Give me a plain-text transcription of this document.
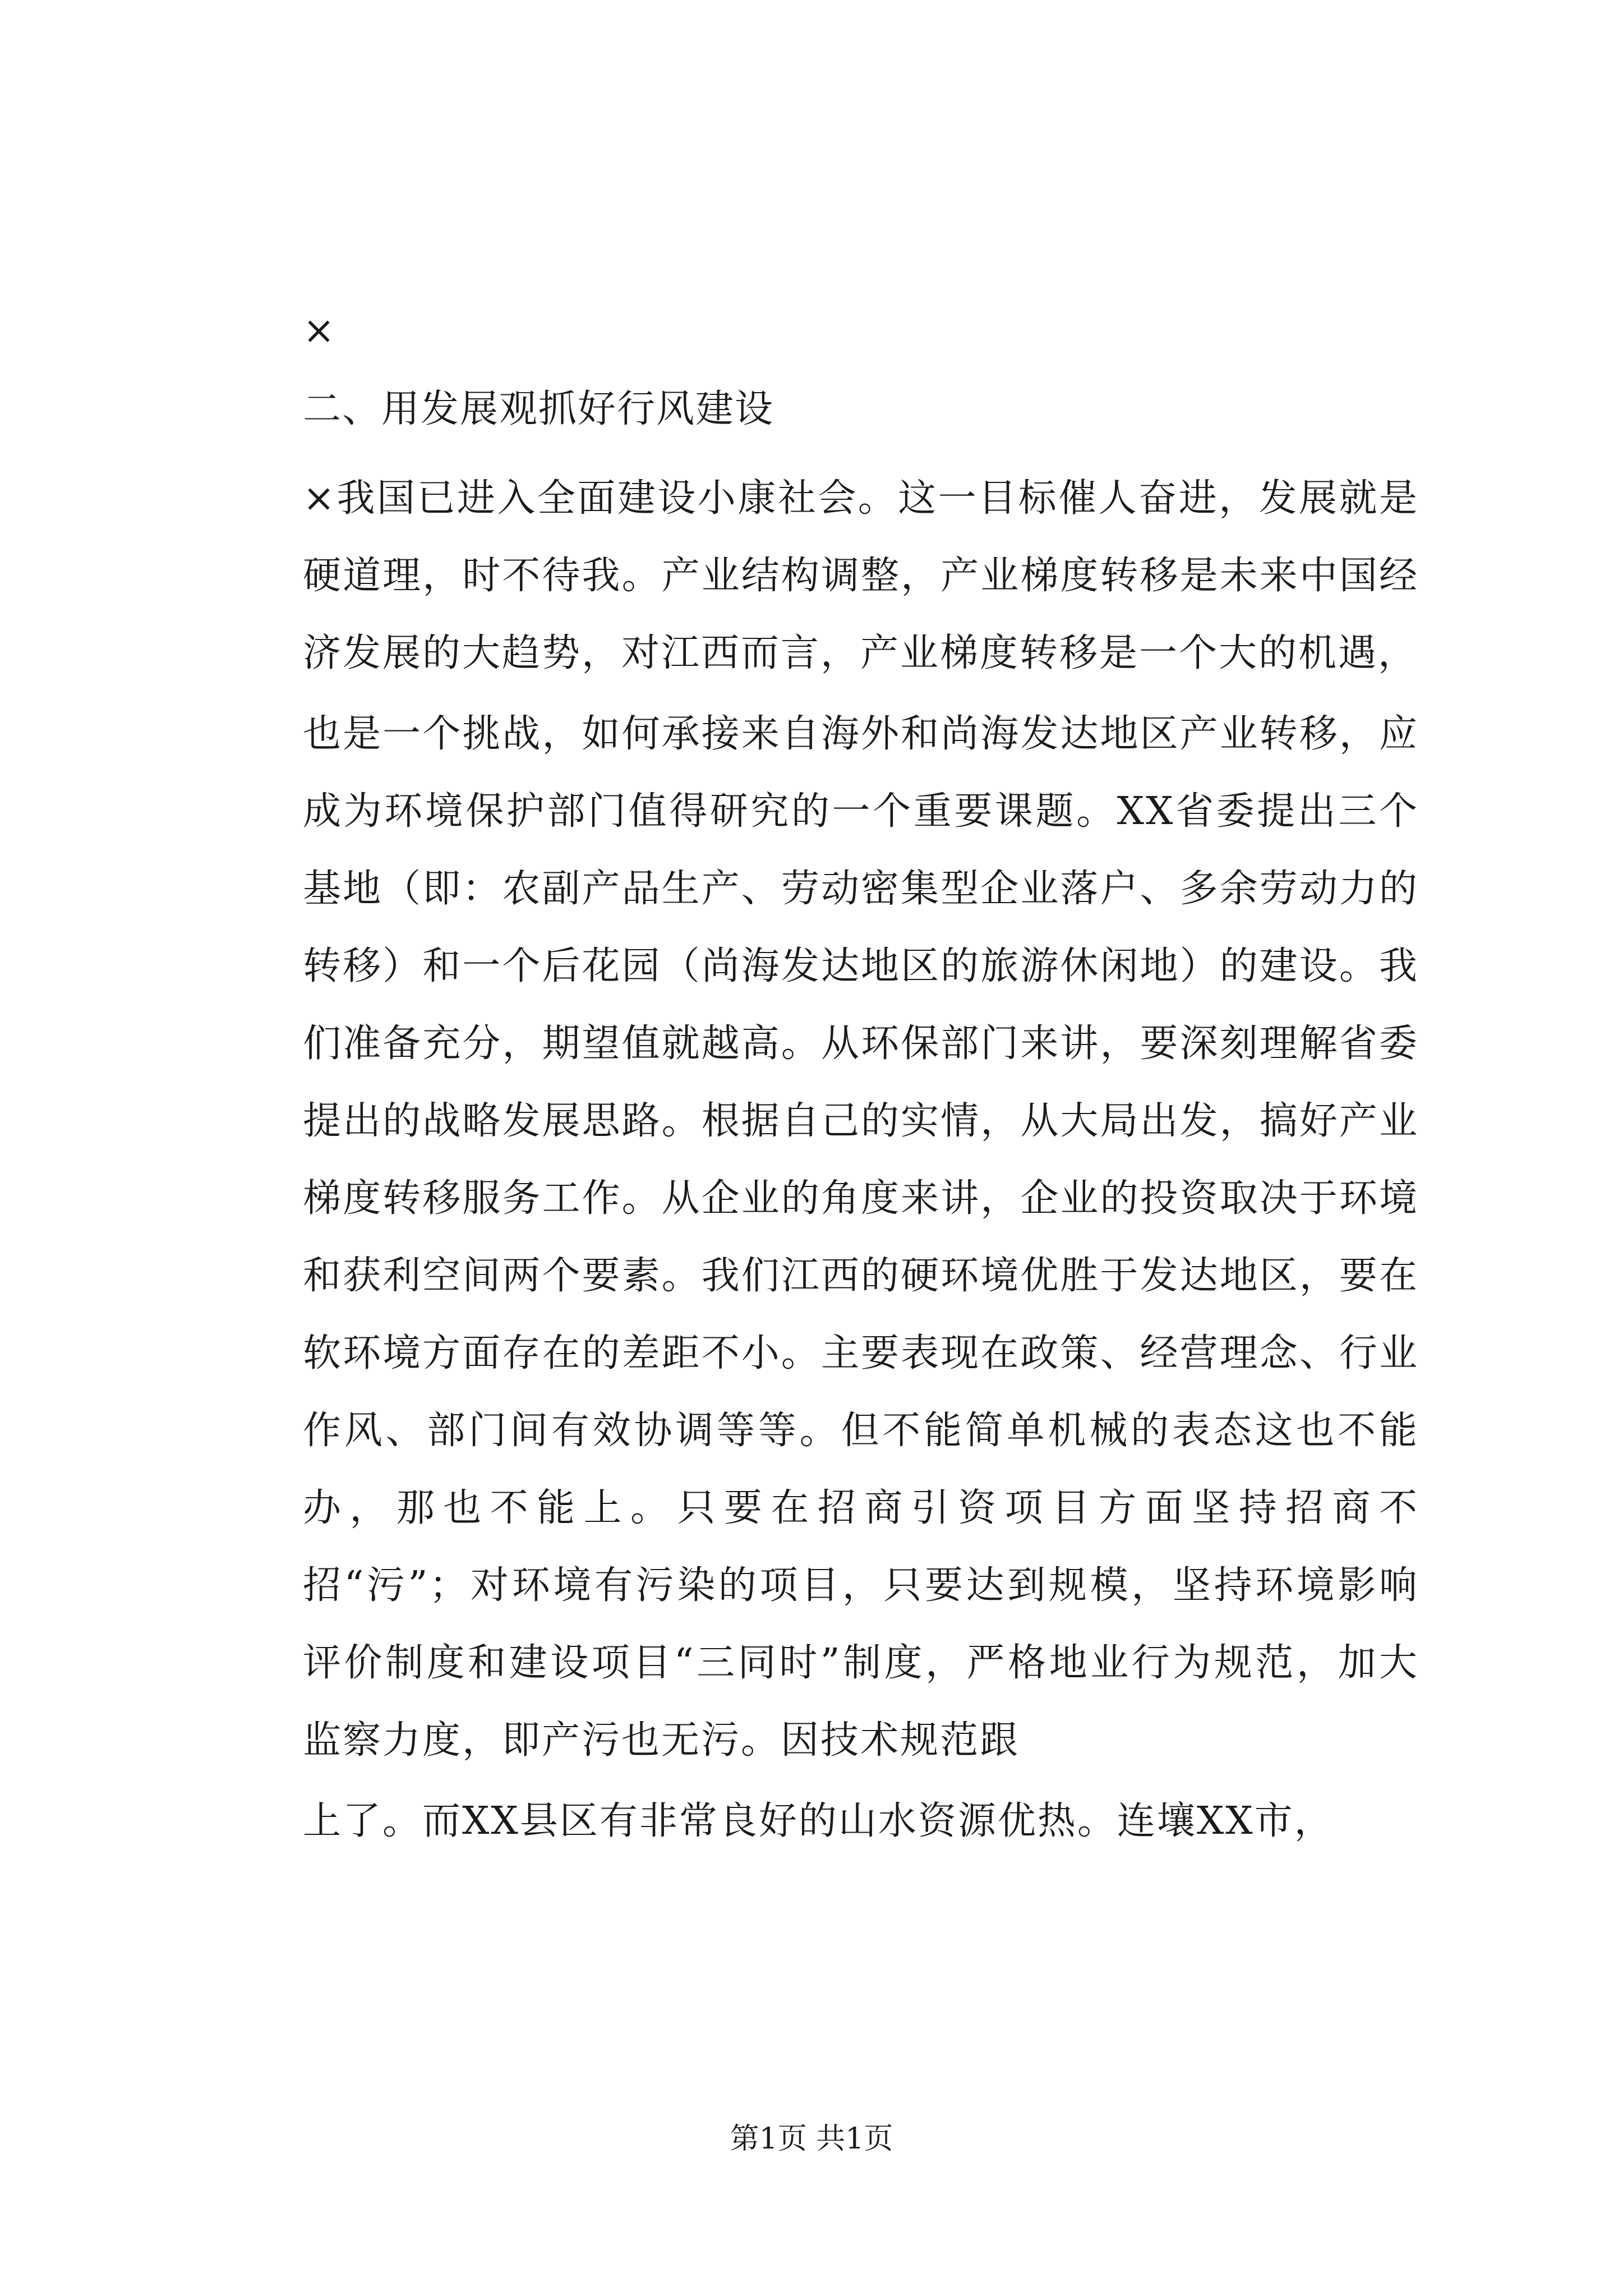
×
二、用发展观抓好行风建设

×我国已进入全面建设小康社会。这一目标催人奋进，发展就是硬道理，时不待我。产业结构调整，产业梯度转移是未来中国经济发展的大趋势，对江西而言，产业梯度转移是一个大的机遇，

也是一个挑战，如何承接来自海外和尚海发达地区产业转移，应成为环境保护部门值得研究的一个重要课题。XX省委提出三个基地（即：农副产品生产、劳动密集型企业落户、多余劳动力的转移）和一个后花园（尚海发达地区的旅游休闲地）的建设。我们准备充分，期望值就越高。从环保部门来讲，要深刻理解省委提出的战略发展思路。根据自己的实情，从大局出发，搞好产业梯度转移服务工作。从企业的角度来讲，企业的投资取决于环境和获利空间两个要素。我们江西的硬环境优胜于发达地区，要在软环境方面存在的差距不小。主要表现在政策、经营理念、行业作风、部门间有效协调等等。但不能简单机械的表态这也不能办，那也不能上。只要在招商引资项目方面坚持招商不招“污”；对环境有污染的项目，只要达到规模，坚持环境影响评价制度和建设项目“三同时”制度，严格地业行为规范，加大监察力度，即产污也无污。因技术规范跟

上了。而XX县区有非常良好的山水资源优热。连壤XX市，

第1页 共1页
